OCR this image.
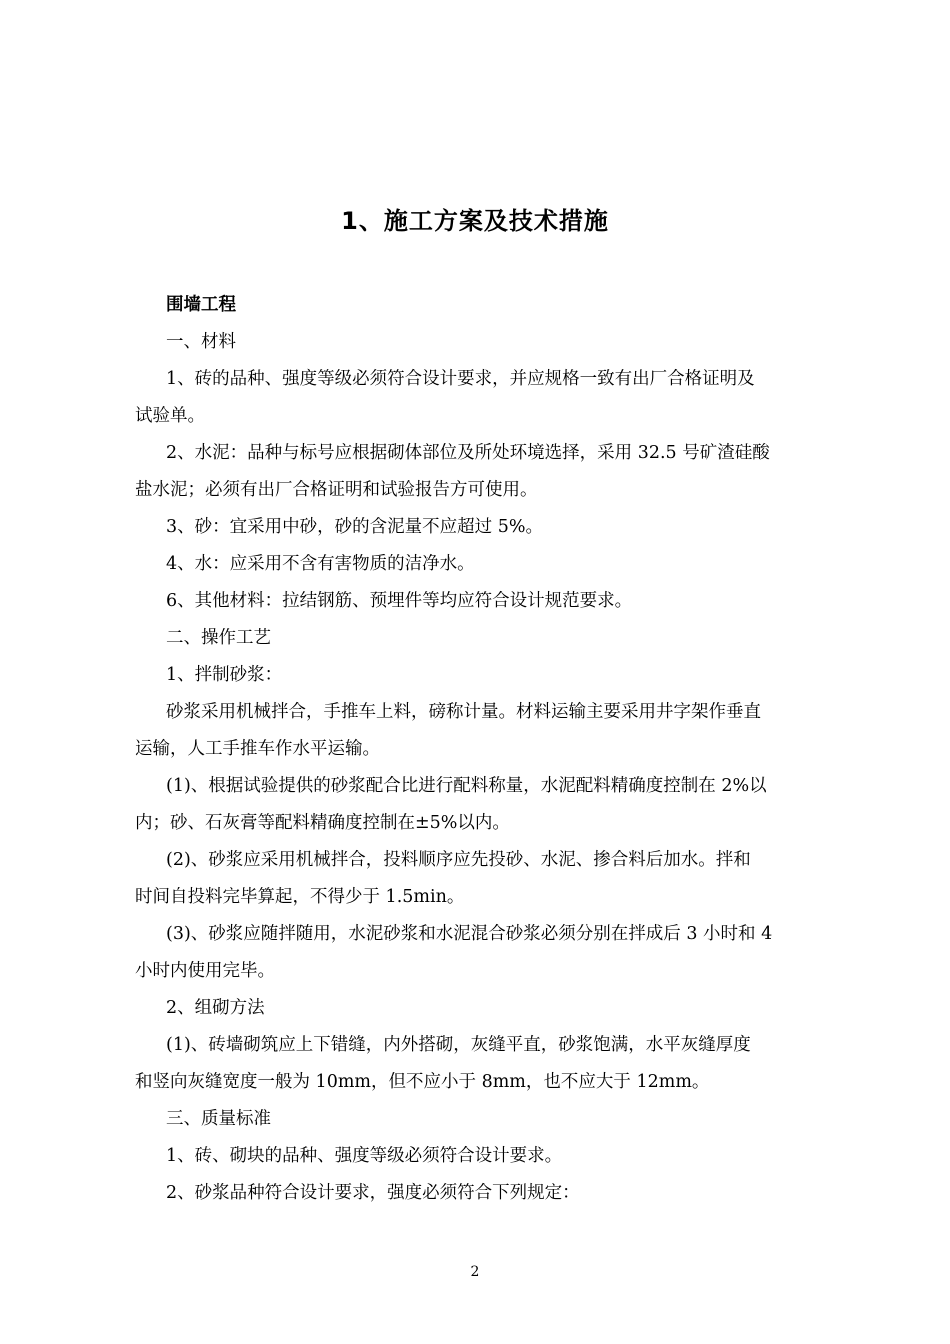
1、施工方案及技术措施
围墙工程
一、材料
1、砖的品种、强度等级必须符合设计要求，并应规格一致有出厂合格证明及
试验单。
2、水泥：品种与标号应根据砌体部位及所处环境选择，采用 32.5 号矿渣硅酸
盐水泥；必须有出厂合格证明和试验报告方可使用。
3、砂：宜采用中砂，砂的含泥量不应超过 5%。
4、水：应采用不含有害物质的洁净水。
6、其他材料：拉结钢筋、预埋件等均应符合设计规范要求。
二、操作工艺
1、拌制砂浆：
砂浆采用机械拌合，手推车上料，磅称计量。材料运输主要采用井字架作垂直
运输，人工手推车作水平运输。
(1)、根据试验提供的砂浆配合比进行配料称量，水泥配料精确度控制在 2%以
内；砂、石灰膏等配料精确度控制在±5%以内。
(2)、砂浆应采用机械拌合，投料顺序应先投砂、水泥、掺合料后加水。拌和
时间自投料完毕算起，不得少于 1.5min。
(3)、砂浆应随拌随用，水泥砂浆和水泥混合砂浆必须分别在拌成后 3 小时和 4
小时内使用完毕。
2、组砌方法
(1)、砖墙砌筑应上下错缝，内外搭砌，灰缝平直，砂浆饱满，水平灰缝厚度
和竖向灰缝宽度一般为 10mm，但不应小于 8mm，也不应大于 12mm。
三、质量标准
1、砖、砌块的品种、强度等级必须符合设计要求。
2、砂浆品种符合设计要求，强度必须符合下列规定：
2
